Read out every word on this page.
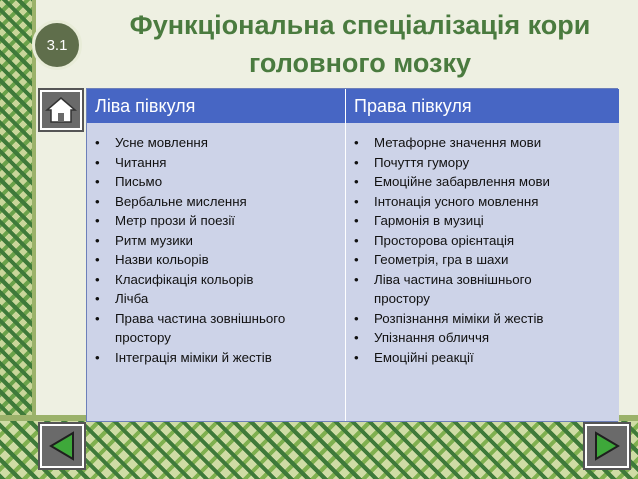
3.1
Функціональна спеціалізація кори
головного мозку
Ліва півкуля	Права півкуля
•	Усне мовлення
•	Читання
•	Письмо
•	Вербальне мислення
•	Метр прози й поезії
•	Ритм музики
•	Назви кольорів
•	Класифікація кольорів
•	Лічба
•	Права частина зовнішнього
простору
•	Інтеграція міміки й жестів
•	Метафорне значення мови
•	Почуття гумору
•	Емоційне забарвлення мови
•	Інтонація усного мовлення
•	Гармонія в музиці
•	Просторова орієнтація
•	Геометрія, гра в шахи
•	Ліва частина зовнішнього
простору
•	Розпізнання міміки й жестів
•	Упізнання обличчя
•	Емоційні реакції
